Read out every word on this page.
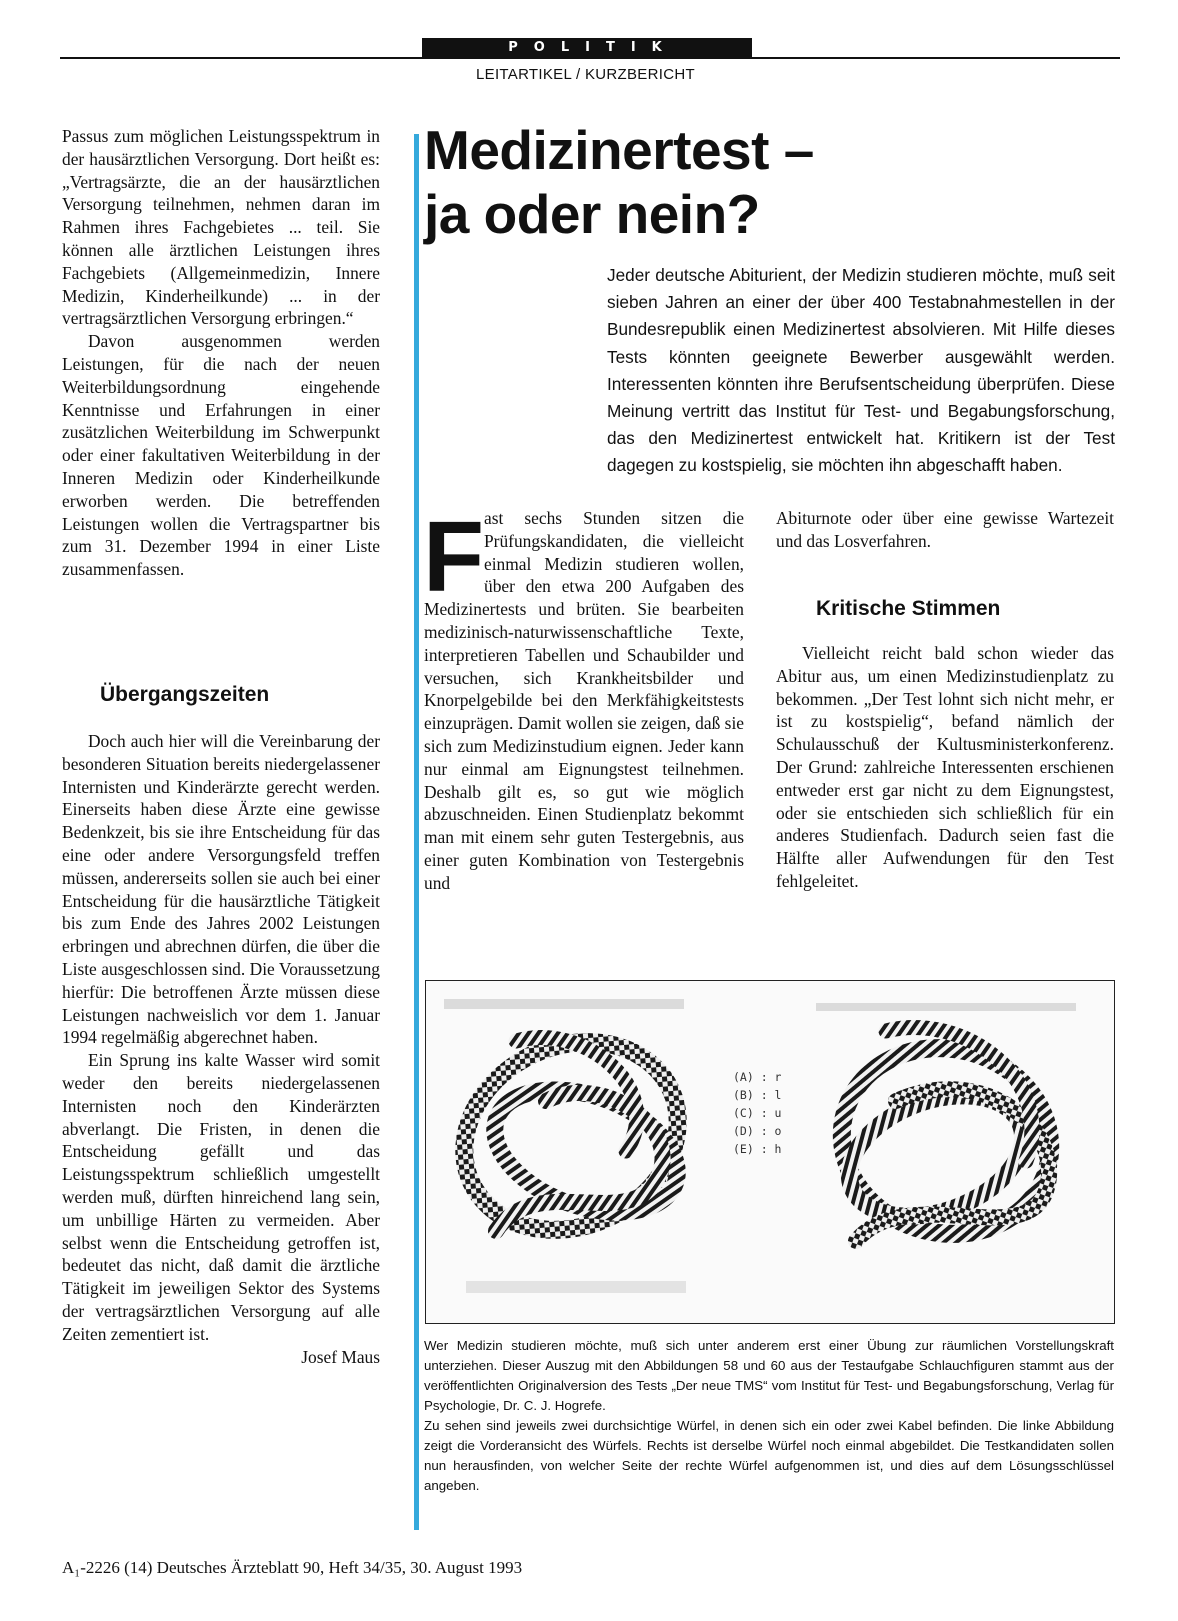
POLITIK
LEITARTIKEL / KURZBERICHT

Passus zum möglichen Leistungsspektrum in der hausärztlichen Versorgung. Dort heißt es: „Vertragsärzte, die an der hausärztlichen Versorgung teilnehmen, nehmen daran im Rahmen ihres Fachgebietes ... teil. Sie können alle ärztlichen Leistungen ihres Fachgebiets (Allgemeinmedizin, Innere Medizin, Kinderheilkunde) ... in der vertragsärztlichen Versorgung erbringen.“

Davon ausgenommen werden Leistungen, für die nach der neuen Weiterbildungsordnung eingehende Kenntnisse und Erfahrungen in einer zusätzlichen Weiterbildung im Schwerpunkt oder einer fakultativen Weiterbildung in der Inneren Medizin oder Kinderheilkunde erworben werden. Die betreffenden Leistungen wollen die Vertragspartner bis zum 31. Dezember 1994 in einer Liste zusammenfassen.

Übergangszeiten

Doch auch hier will die Vereinbarung der besonderen Situation bereits niedergelassener Internisten und Kinderärzte gerecht werden. Einerseits haben diese Ärzte eine gewisse Bedenkzeit, bis sie ihre Entscheidung für das eine oder andere Versorgungsfeld treffen müssen, andererseits sollen sie auch bei einer Entscheidung für die hausärztliche Tätigkeit bis zum Ende des Jahres 2002 Leistungen erbringen und abrechnen dürfen, die über die Liste ausgeschlossen sind. Die Voraussetzung hierfür: Die betroffenen Ärzte müssen diese Leistungen nachweislich vor dem 1. Januar 1994 regelmäßig abgerechnet haben.

Ein Sprung ins kalte Wasser wird somit weder den bereits niedergelassenen Internisten noch den Kinderärzten abverlangt. Die Fristen, in denen die Entscheidung gefällt und das Leistungsspektrum schließlich umgestellt werden muß, dürften hinreichend lang sein, um unbillige Härten zu vermeiden. Aber selbst wenn die Entscheidung getroffen ist, bedeutet das nicht, daß damit die ärztliche Tätigkeit im jeweiligen Sektor des Systems der vertragsärztlichen Versorgung auf alle Zeiten zementiert ist.

Josef Maus

Medizinertest –
ja oder nein?

Jeder deutsche Abiturient, der Medizin studieren möchte, muß seit sieben Jahren an einer der über 400 Testabnahmestellen in der Bundesrepublik einen Medizinertest absolvieren. Mit Hilfe dieses Tests könnten geeignete Bewerber ausgewählt werden. Interessenten könnten ihre Berufsentscheidung überprüfen. Diese Meinung vertritt das Institut für Test- und Begabungsforschung, das den Medizinertest entwickelt hat. Kritikern ist der Test dagegen zu kostspielig, sie möchten ihn abgeschafft haben.

F ast sechs Stunden sitzen die Prüfungskandidaten, die vielleicht einmal Medizin studieren wollen, über den etwa 200 Aufgaben des Medizinertests und brüten. Sie bearbeiten medizinisch-naturwissenschaftliche Texte, interpretieren Tabellen und Schaubilder und versuchen, sich Krankheitsbilder und Knorpelgebilde bei den Merkfähigkeitstests einzuprägen. Damit wollen sie zeigen, daß sie sich zum Medizinstudium eignen. Jeder kann nur einmal am Eignungstest teilnehmen. Deshalb gilt es, so gut wie möglich abzuschneiden. Einen Studienplatz bekommt man mit einem sehr guten Testergebnis, aus einer guten Kombination von Testergebnis und

Abiturnote oder über eine gewisse Wartezeit und das Losverfahren.

Kritische Stimmen

Vielleicht reicht bald schon wieder das Abitur aus, um einen Medizinstudienplatz zu bekommen. „Der Test lohnt sich nicht mehr, er ist zu kostspielig“, befand nämlich der Schulausschuß der Kultusministerkonferenz. Der Grund: zahlreiche Interessenten erschienen entweder erst gar nicht zu dem Eignungstest, oder sie entschieden sich schließlich für ein anderes Studienfach. Dadurch seien fast die Hälfte aller Aufwendungen für den Test fehlgeleitet.

(A) : r
(B) : l
(C) : u
(D) : o
(E) : h

Wer Medizin studieren möchte, muß sich unter anderem erst einer Übung zur räumlichen Vorstellungskraft unterziehen. Dieser Auszug mit den Abbildungen 58 und 60 aus der Testaufgabe Schlauchfiguren stammt aus der veröffentlichten Originalversion des Tests „Der neue TMS“ vom Institut für Test- und Begabungsforschung, Verlag für Psychologie, Dr. C. J. Hogrefe.

Zu sehen sind jeweils zwei durchsichtige Würfel, in denen sich ein oder zwei Kabel befinden. Die linke Abbildung zeigt die Vorderansicht des Würfels. Rechts ist derselbe Würfel noch einmal abgebildet. Die Testkandidaten sollen nun herausfinden, von welcher Seite der rechte Würfel aufgenommen ist, und dies auf dem Lösungsschlüssel angeben.

A₁-2226 (14) Deutsches Ärzteblatt 90, Heft 34/35, 30. August 1993
